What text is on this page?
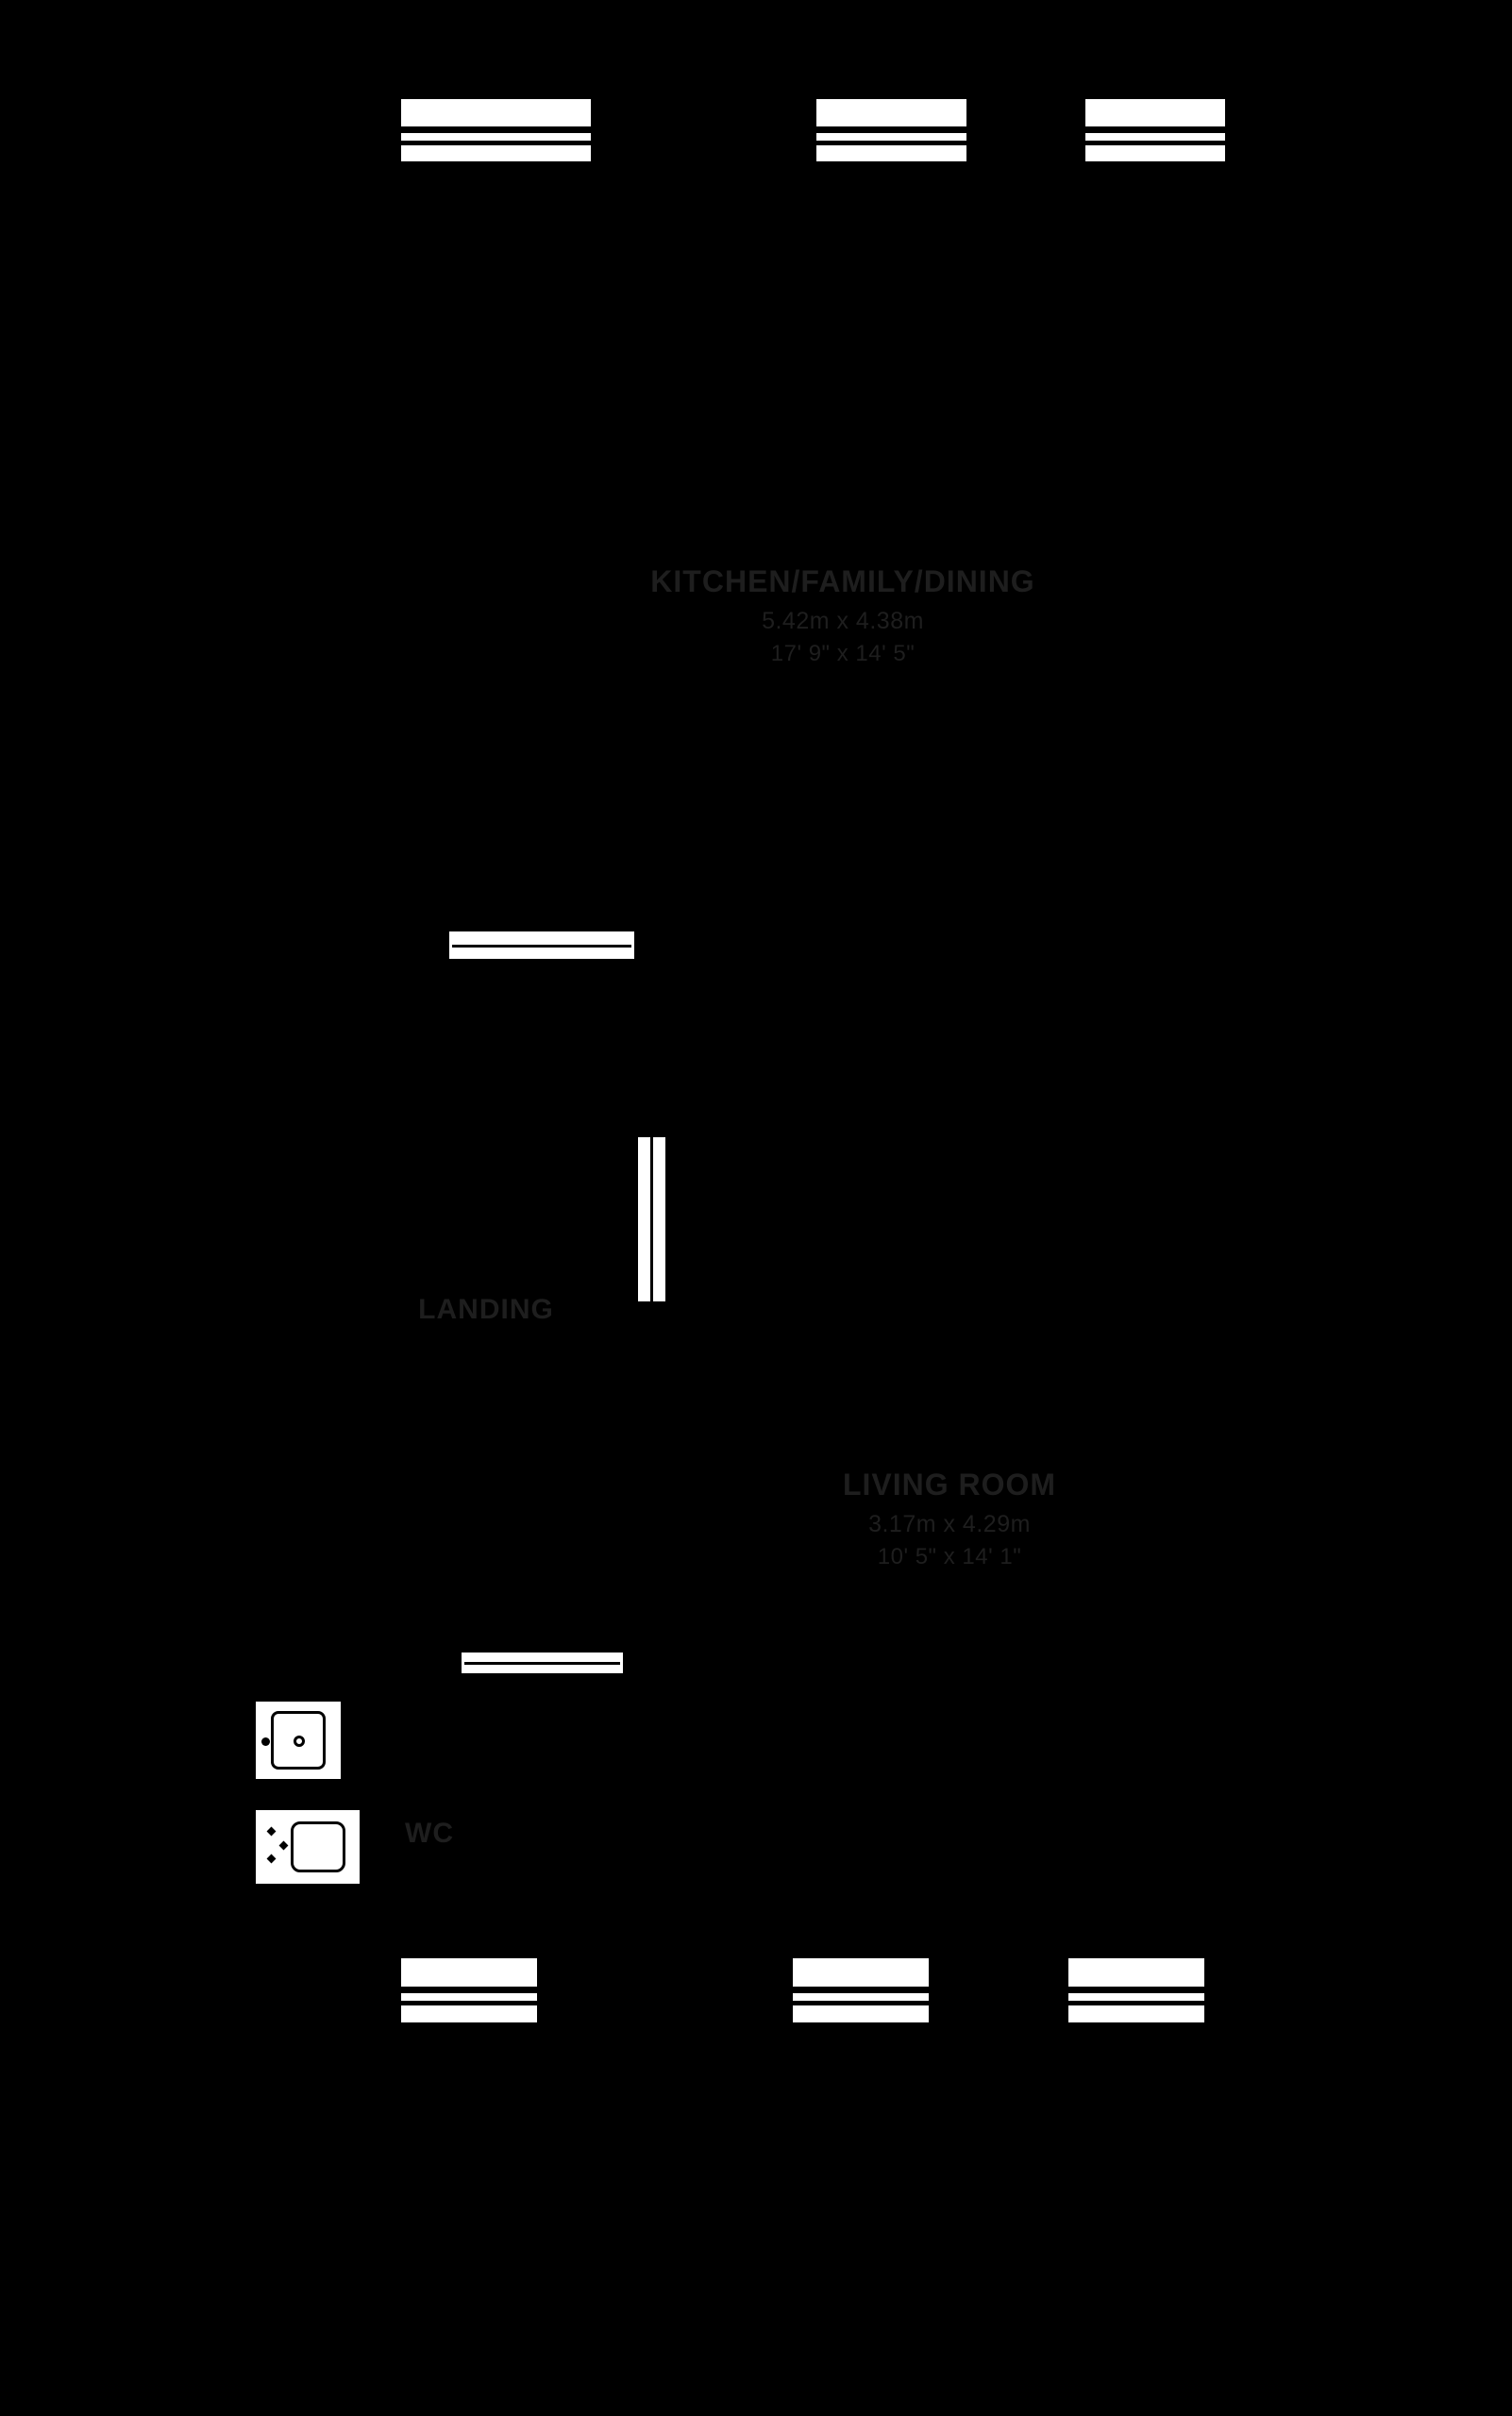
KITCHEN/FAMILY/DINING
5.42m x 4.38m
17' 9" x 14' 5"
LIVING ROOM
3.17m x 4.29m
10' 5" x 14' 1"
LANDING
WC
